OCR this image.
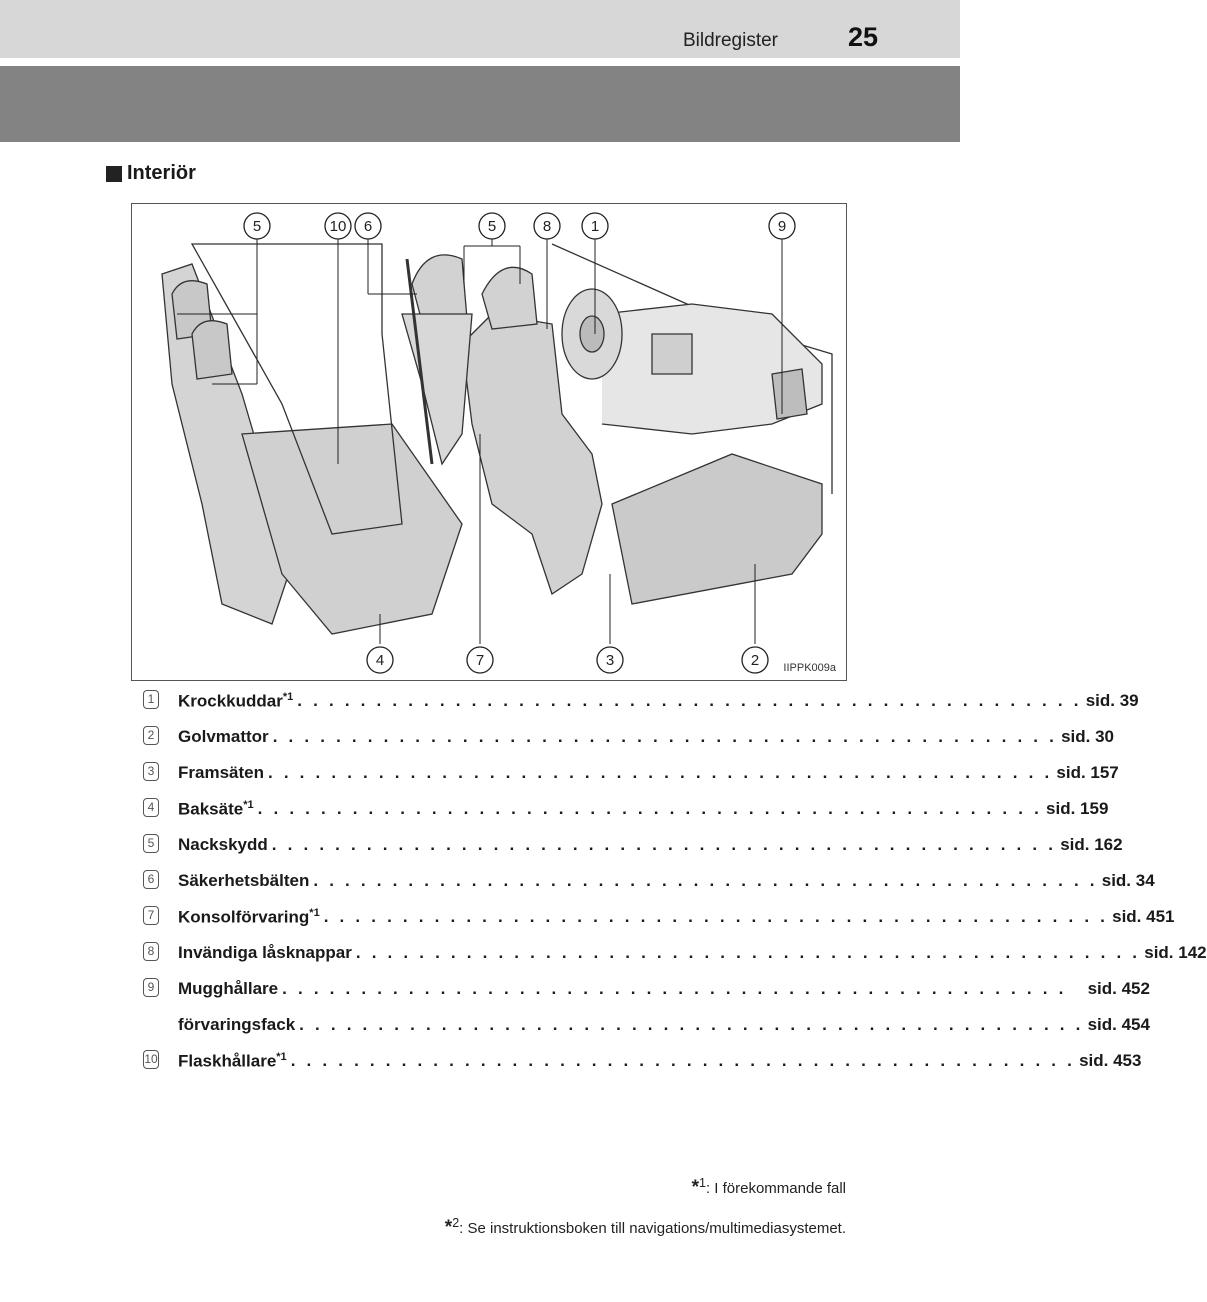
Bildregister	25
Interiör
5	10 6	5	8	1	9
4	7	3	2 IIPPK009a
1 Krockkuddar$^{*1}$ . . . . . . . . . . . . . . . . . . . . . . . . . . . . . . . . . . . . . . . . . . . . . . . . . . sid. 39
2 Golvmattor . . . . . . . . . . . . . . . . . . . . . . . . . . . . . . . . . . . . . . . . . . . . . . . . . . sid. 30
3 Framsäten . . . . . . . . . . . . . . . . . . . . . . . . . . . . . . . . . . . . . . . . . . . . . . . . . . sid. 157
4 Baksäte$^{*1}$ . . . . . . . . . . . . . . . . . . . . . . . . . . . . . . . . . . . . . . . . . . . . . . . . . . sid. 159
5 Nackskydd . . . . . . . . . . . . . . . . . . . . . . . . . . . . . . . . . . . . . . . . . . . . . . . . . . sid. 162
6 Säkerhetsbälten . . . . . . . . . . . . . . . . . . . . . . . . . . . . . . . . . . . . . . . . . . . . . . . . . . sid. 34
7 Konsolförvaring$^{*1}$ . . . . . . . . . . . . . . . . . . . . . . . . . . . . . . . . . . . . . . . . . . . . . . . . . . sid. 451
8 Invändiga låsknappar . . . . . . . . . . . . . . . . . . . . . . . . . . . . . . . . . . . . . . . . . . . . . . . . . . sid. 142
9 Mugghållare . . . . . . . . . . . . . . . . . . . . . . . . . . . . . . . . . . . . . . . . . . . . . . . . . .	sid. 452
förvaringsfack . . . . . . . . . . . . . . . . . . . . . . . . . . . . . . . . . . . . . . . . . . . . . . . . . . sid. 454
10 Flaskhållare$^{*1}$ . . . . . . . . . . . . . . . . . . . . . . . . . . . . . . . . . . . . . . . . . . . . . . . . . . sid. 453
*$^1$: I förekommande fall
*$^2$: Se instruktionsboken till navigations/multimediasystemet.
